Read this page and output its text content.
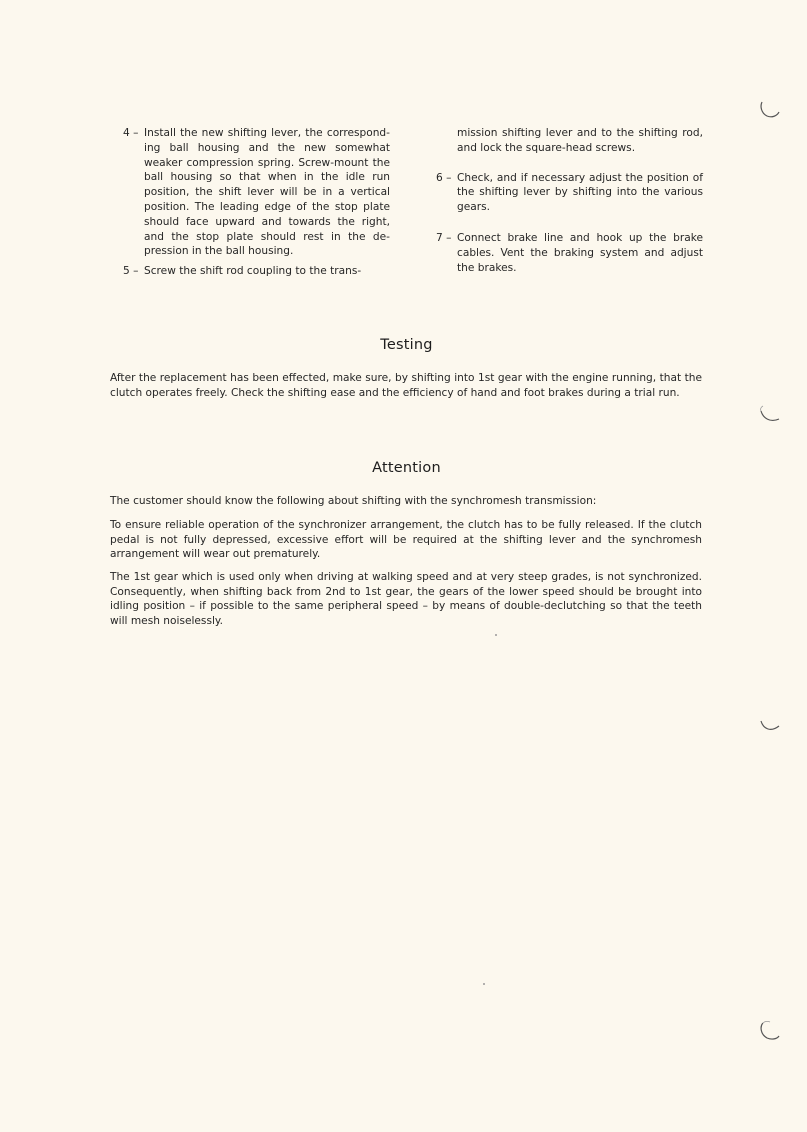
4 – Install the new shifting lever, the corresponding ball housing and the new somewhat weaker compression spring. Screw-mount the ball housing so that when in the idle run position, the shift lever will be in a vertical position. The leading edge of the stop plate should face upward and towards the right, and the stop plate should rest in the depression in the ball housing.
5 – Screw the shift rod coupling to the trans-
mission shifting lever and to the shifting rod, and lock the square-head screws.
6 – Check, and if necessary adjust the position of the shifting lever by shifting into the various gears.
7 – Connect brake line and hook up the brake cables. Vent the braking system and adjust the brakes.
Testing
After the replacement has been effected, make sure, by shifting into 1st gear with the engine running, that the clutch operates freely. Check the shifting ease and the efficiency of hand and foot brakes during a trial run.
Attention
The customer should know the following about shifting with the synchromesh transmission:
To ensure reliable operation of the synchronizer arrangement, the clutch has to be fully released. If the clutch pedal is not fully depressed, excessive effort will be required at the shifting lever and the synchromesh arrangement will wear out prematurely.
The 1st gear which is used only when driving at walking speed and at very steep grades, is not synchronized. Consequently, when shifting back from 2nd to 1st gear, the gears of the lower speed should be brought into idling position – if possible to the same peripheral speed – by means of double-declutching so that the teeth will mesh noiselessly.
